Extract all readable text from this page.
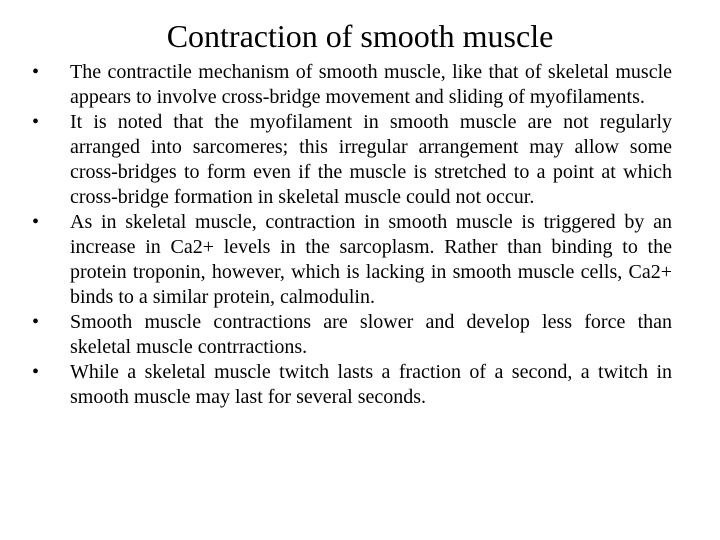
Contraction of smooth muscle
•	The contractile mechanism of smooth muscle, like that of skeletal muscle appears to involve cross-bridge movement and sliding of myofilaments.
•	It is noted that the myofilament in smooth muscle are not regularly arranged into sarcomeres; this irregular arrangement may allow some cross-bridges to form even if the muscle is stretched to a point at which cross-bridge formation in skeletal muscle could not occur.
•	As in skeletal muscle, contraction in smooth muscle is triggered by an increase in Ca2+ levels in the sarcoplasm. Rather than binding to the protein troponin, however, which is lacking in smooth muscle cells, Ca2+ binds to a similar protein, calmodulin.
•	Smooth muscle contractions are slower and develop less force than skeletal muscle contrractions.
•	While a skeletal muscle twitch lasts a fraction of a second, a twitch in smooth muscle may last for several seconds.
